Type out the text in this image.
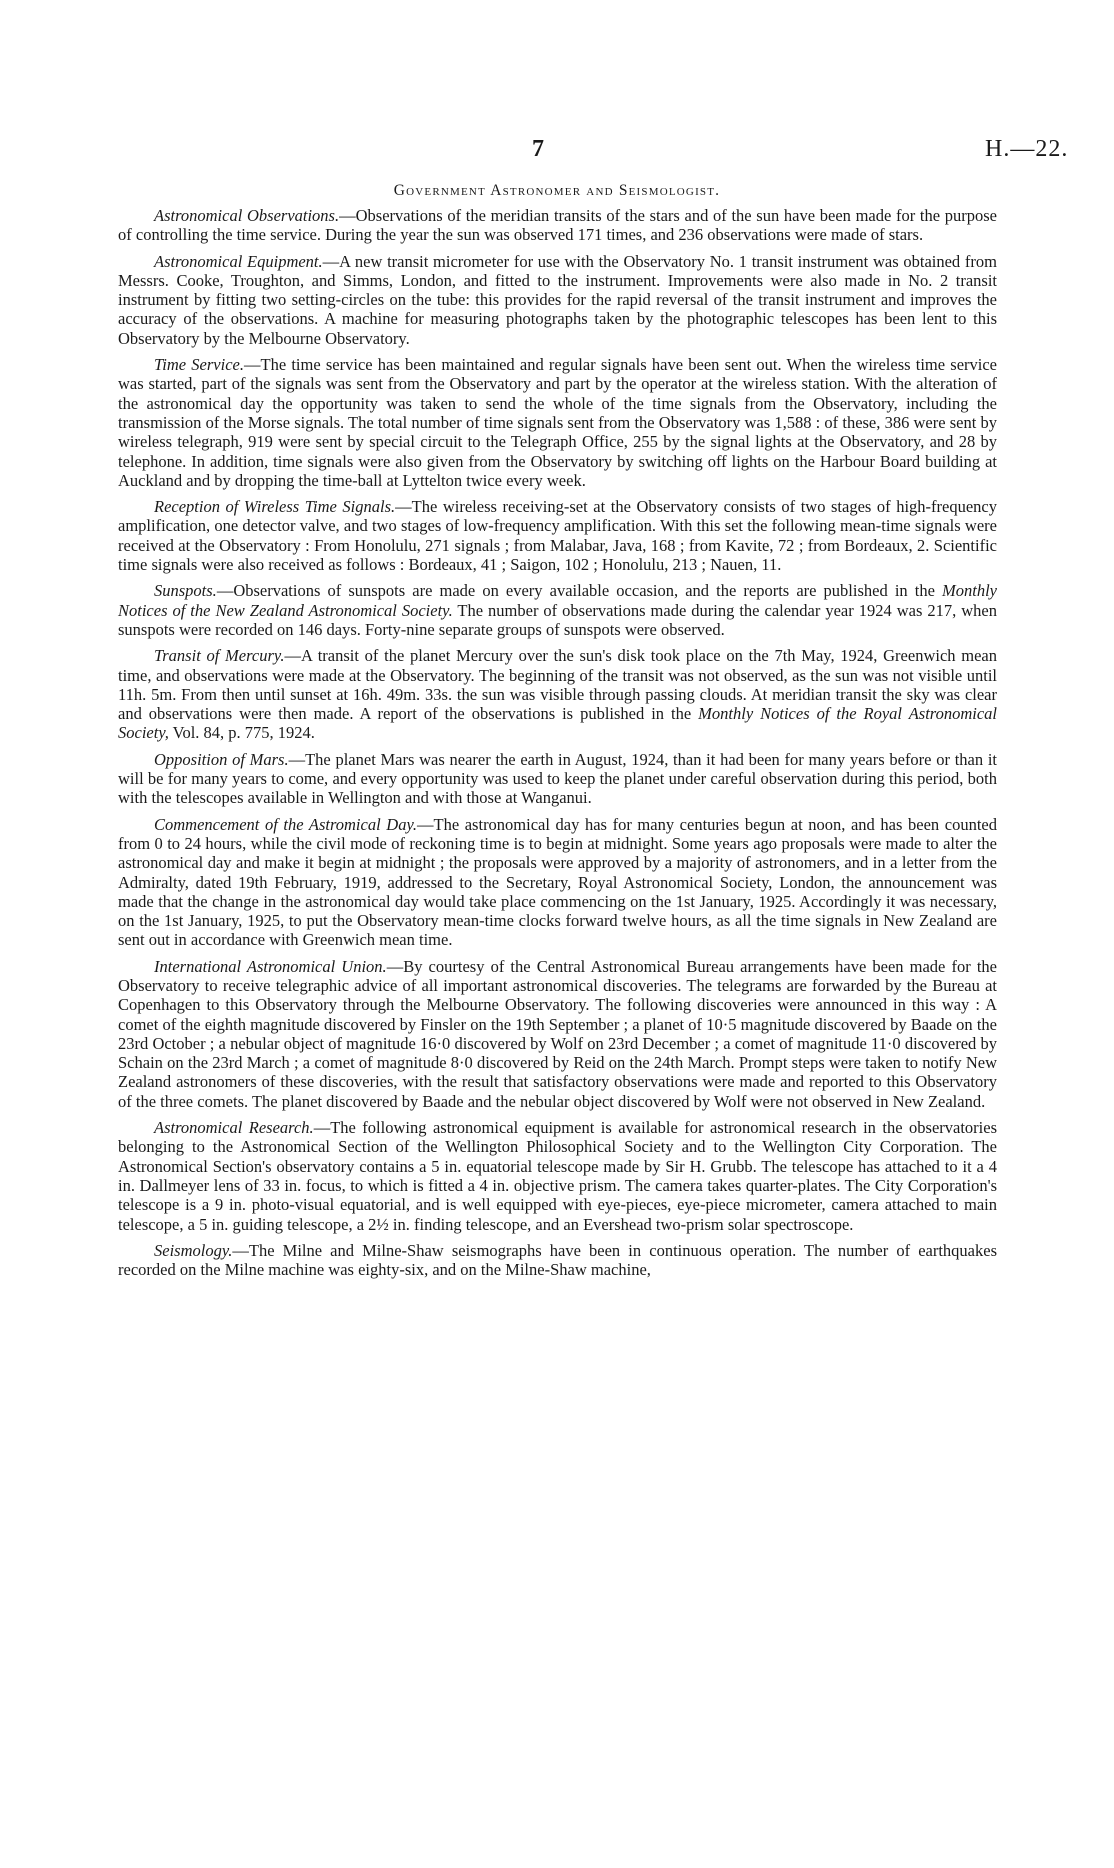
7	H.—22.
Government Astronomer and Seismologist.

Astronomical Observations.—Observations of the meridian transits of the stars and of the sun have been made for the purpose of controlling the time service. During the year the sun was observed 171 times, and 236 observations were made of stars.

Astronomical Equipment.—A new transit micrometer for use with the Observatory No. 1 transit instrument was obtained from Messrs. Cooke, Troughton, and Simms, London, and fitted to the instrument. Improvements were also made in No. 2 transit instrument by fitting two setting-circles on the tube: this provides for the rapid reversal of the transit instrument and improves the accuracy of the observations. A machine for measuring photographs taken by the photographic telescopes has been lent to this Observatory by the Melbourne Observatory.

Time Service.—The time service has been maintained and regular signals have been sent out. When the wireless time service was started, part of the signals was sent from the Observatory and part by the operator at the wireless station. With the alteration of the astronomical day the opportunity was taken to send the whole of the time signals from the Observatory, including the transmission of the Morse signals. The total number of time signals sent from the Observatory was 1,588 : of these, 386 were sent by wireless telegraph, 919 were sent by special circuit to the Telegraph Office, 255 by the signal lights at the Observatory, and 28 by telephone. In addition, time signals were also given from the Observatory by switching off lights on the Harbour Board building at Auckland and by dropping the time-ball at Lyttelton twice every week.

Reception of Wireless Time Signals.—The wireless receiving-set at the Observatory consists of two stages of high-frequency amplification, one detector valve, and two stages of low-frequency amplification. With this set the following mean-time signals were received at the Observatory : From Honolulu, 271 signals ; from Malabar, Java, 168 ; from Kavite, 72 ; from Bordeaux, 2. Scientific time signals were also received as follows : Bordeaux, 41 ; Saigon, 102 ; Honolulu, 213 ; Nauen, 11.

Sunspots.—Observations of sunspots are made on every available occasion, and the reports are published in the Monthly Notices of the New Zealand Astronomical Society. The number of observations made during the calendar year 1924 was 217, when sunspots were recorded on 146 days. Forty-nine separate groups of sunspots were observed.

Transit of Mercury.—A transit of the planet Mercury over the sun's disk took place on the 7th May, 1924, Greenwich mean time, and observations were made at the Observatory. The beginning of the transit was not observed, as the sun was not visible until 11h. 5m. From then until sunset at 16h. 49m. 33s. the sun was visible through passing clouds. At meridian transit the sky was clear and observations were then made. A report of the observations is published in the Monthly Notices of the Royal Astronomical Society, Vol. 84, p. 775, 1924.

Opposition of Mars.—The planet Mars was nearer the earth in August, 1924, than it had been for many years before or than it will be for many years to come, and every opportunity was used to keep the planet under careful observation during this period, both with the telescopes available in Wellington and with those at Wanganui.

Commencement of the Astromical Day.—The astronomical day has for many centuries begun at noon, and has been counted from 0 to 24 hours, while the civil mode of reckoning time is to begin at midnight. Some years ago proposals were made to alter the astronomical day and make it begin at midnight ; the proposals were approved by a majority of astronomers, and in a letter from the Admiralty, dated 19th February, 1919, addressed to the Secretary, Royal Astronomical Society, London, the announcement was made that the change in the astronomical day would take place commencing on the 1st January, 1925. Accordingly it was necessary, on the 1st January, 1925, to put the Observatory mean-time clocks forward twelve hours, as all the time signals in New Zealand are sent out in accordance with Greenwich mean time.

International Astronomical Union.—By courtesy of the Central Astronomical Bureau arrangements have been made for the Observatory to receive telegraphic advice of all important astronomical discoveries. The telegrams are forwarded by the Bureau at Copenhagen to this Observatory through the Melbourne Observatory. The following discoveries were announced in this way : A comet of the eighth magnitude discovered by Finsler on the 19th September ; a planet of 10·5 magnitude discovered by Baade on the 23rd October ; a nebular object of magnitude 16·0 discovered by Wolf on 23rd December ; a comet of magnitude 11·0 discovered by Schain on the 23rd March ; a comet of magnitude 8·0 discovered by Reid on the 24th March. Prompt steps were taken to notify New Zealand astronomers of these discoveries, with the result that satisfactory observations were made and reported to this Observatory of the three comets. The planet discovered by Baade and the nebular object discovered by Wolf were not observed in New Zealand.

Astronomical Research.—The following astronomical equipment is available for astronomical research in the observatories belonging to the Astronomical Section of the Wellington Philosophical Society and to the Wellington City Corporation. The Astronomical Section's observatory contains a 5 in. equatorial telescope made by Sir H. Grubb. The telescope has attached to it a 4 in. Dallmeyer lens of 33 in. focus, to which is fitted a 4 in. objective prism. The camera takes quarter-plates. The City Corporation's telescope is a 9 in. photo-visual equatorial, and is well equipped with eye-pieces, eye-piece micrometer, camera attached to main telescope, a 5 in. guiding telescope, a 2½ in. finding telescope, and an Evershead two-prism solar spectroscope.

Seismology.—The Milne and Milne-Shaw seismographs have been in continuous operation. The number of earthquakes recorded on the Milne machine was eighty-six, and on the Milne-Shaw machine,
